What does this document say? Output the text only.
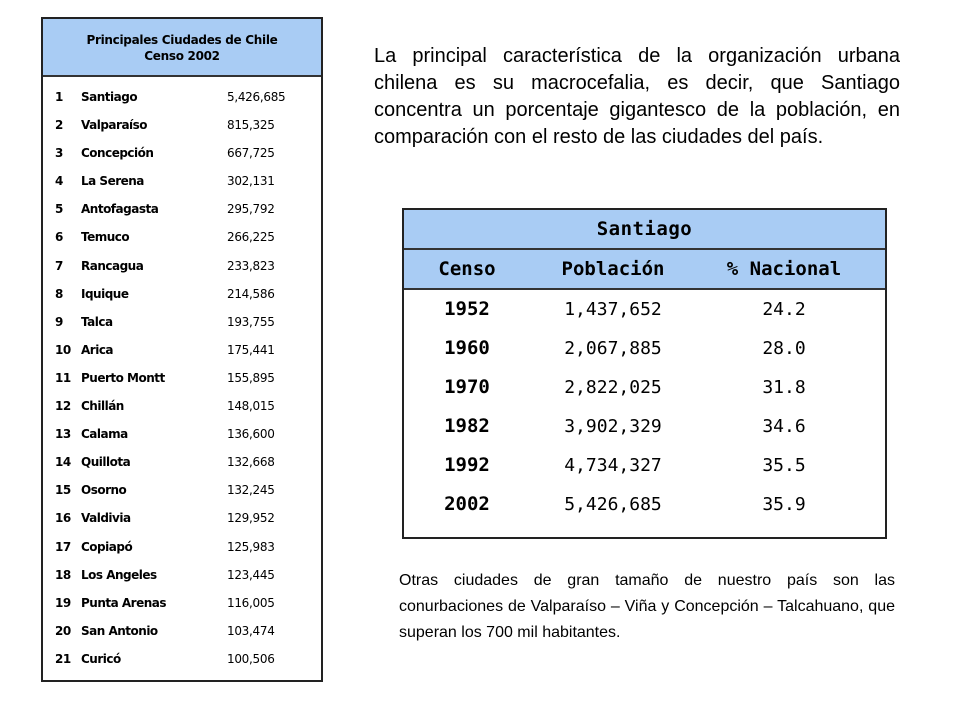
Principales Ciudades de Chile
Censo 2002
1 Santiago	5,426,685
2 Valparaíso	815,325
3 Concepción	667,725
4 La Serena	302,131
5 Antofagasta	295,792
6 Temuco	266,225
7 Rancagua	233,823
8 Iquique	214,586
9 Talca	193,755
10 Arica	175,441
11 Puerto Montt	155,895
12 Chillán	148,015
13 Calama	136,600
14 Quillota	132,668
15 Osorno	132,245
16 Valdivia	129,952
17 Copiapó	125,983
18 Los Angeles	123,445
19 Punta Arenas	116,005
20 San Antonio	103,474
21 Curicó	100,506

La principal característica de la organización urbana chilena es su macrocefalia, es decir, que Santiago concentra un porcentaje gigantesco de la población, en comparación con el resto de las ciudades del país.

Santiago
Censo	Población	% Nacional
1952	1,437,652	24.2
1960	2,067,885	28.0
1970	2,822,025	31.8
1982	3,902,329	34.6
1992	4,734,327	35.5
2002	5,426,685	35.9

Otras ciudades de gran tamaño de nuestro país son las conurbaciones de Valparaíso – Viña y Concepción – Talcahuano, que superan los 700 mil habitantes.
